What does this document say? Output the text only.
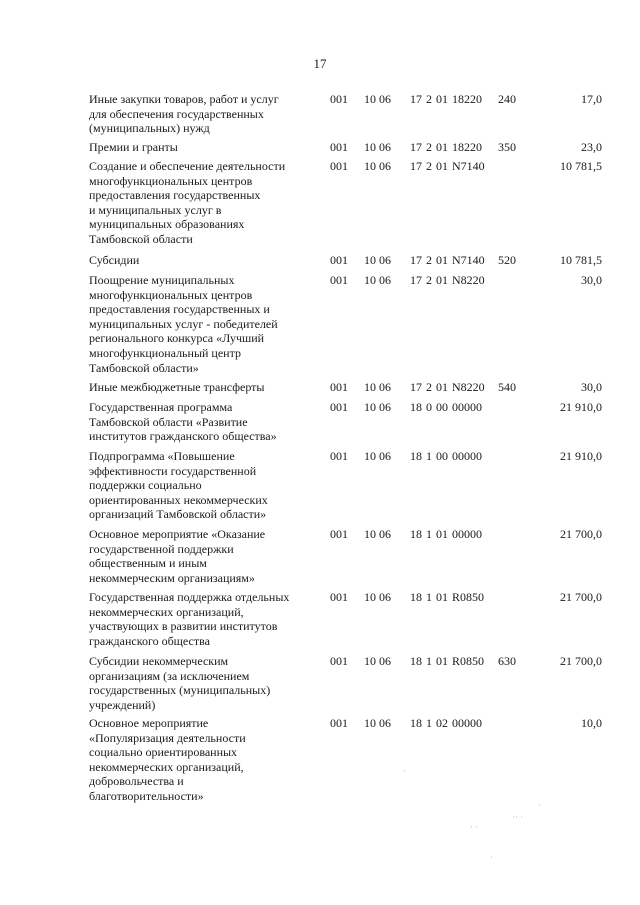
17
Иные закупки товаров, работ и услуг
для обеспечения государственных
(муниципальных) нужд
001 10 06 17 2 01 18220 240	17,0
Премии и гранты	001 10 06 17 2 01 18220 350	23,0
Создание и обеспечение деятельности
многофункциональных центров
предоставления государственных
и муниципальных услуг в
муниципальных образованиях
Тамбовской области
001 10 06 17 2 01 N7140	10 781,5
Субсидии	001 10 06 17 2 01 N7140 520	10 781,5
Поощрение муниципальных
многофункциональных центров
предоставления государственных и
муниципальных услуг - победителей
регионального конкурса «Лучший
многофункциональный центр
Тамбовской области»
001 10 06 17 2 01 N8220	30,0
Иные межбюджетные трансферты	001 10 06 17 2 01 N8220 540	30,0
Государственная программа
Тамбовской области «Развитие
институтов гражданского общества»
001 10 06 18 0 00 00000	21 910,0
Подпрограмма «Повышение
эффективности государственной
поддержки социально
ориентированных некоммерческих
организаций Тамбовской области»
001 10 06 18 1 00 00000	21 910,0
Основное мероприятие «Оказание
государственной поддержки
общественным и иным
некоммерческим организациям»
001 10 06 18 1 01 00000	21 700,0
Государственная поддержка отдельных
некоммерческих организаций,
участвующих в развитии институтов
гражданского общества
001 10 06 18 1 01 R0850	21 700,0
Субсидии некоммерческим
организациям (за исключением
государственных (муниципальных)
учреждений)
001 10 06 18 1 01 R0850 630	21 700,0
Основное мероприятие
«Популяризация деятельности
социально ориентированных
некоммерческих организаций,
добровольчества и
благотворительности»
001 10 06 18 1 02 00000	10,0
·
· ·
·· ·
·
·
